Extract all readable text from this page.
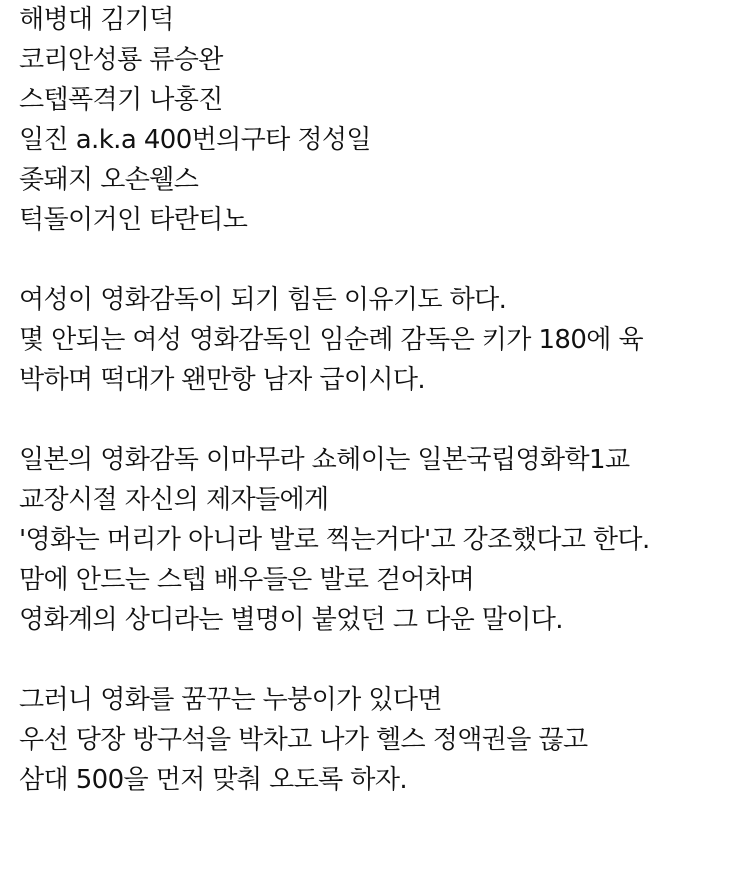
해병대 김기덕
코리안성룡 류승완
스텝폭격기 나홍진
일진 a.k.a 400번의구타 정성일
좆돼지 오손웰스
턱돌이거인 타란티노
여성이 영화감독이 되기 힘든 이유기도 하다.
몇 안되는 여성 영화감독인 임순례 감독은 키가 180에 육
박하며 떡대가 왠만항 남자 급이시다.
일본의 영화감독 이마무라 쇼헤이는 일본국립영화학1교
교장시절 자신의 제자들에게
'영화는 머리가 아니라 발로 찍는거다'고 강조했다고 한다.
맘에 안드는 스텝 배우들은 발로 걷어차며
영화계의 상디라는 별명이 붙었던 그 다운 말이다.
그러니 영화를 꿈꾸는 누붕이가 있다면
우선 당장 방구석을 박차고 나가 헬스 정액권을 끊고
삼대 500을 먼저 맞춰 오도록 하자.
